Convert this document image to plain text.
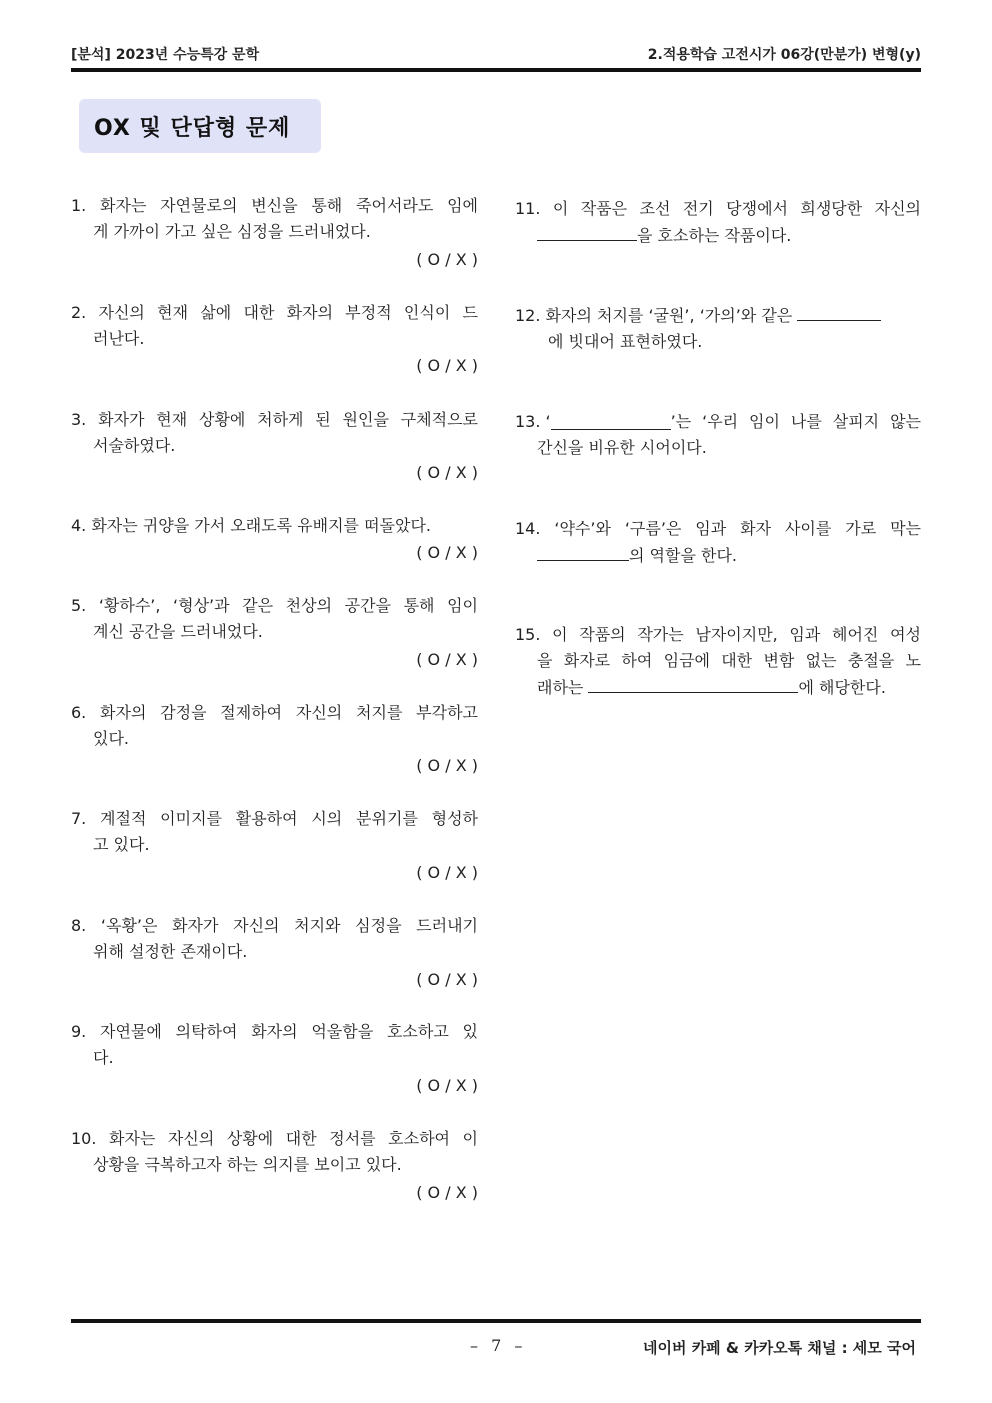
[분석] 2023년 수능특강 문학	2.적용학습 고전시가 06강(만분가) 변형(y)
OX 및 단답형 문제
1. 화자는 자연물로의 변신을 통해 죽어서라도 임에
게 가까이 가고 싶은 심정을 드러내었다.
( O / X )
2. 자신의 현재 삶에 대한 화자의 부정적 인식이 드
러난다.
( O / X )
3. 화자가 현재 상황에 처하게 된 원인을 구체적으로
서술하였다.
( O / X )
4. 화자는 귀양을 가서 오래도록 유배지를 떠돌았다.
( O / X )
5. ‘황하수’, ‘형상’과 같은 천상의 공간을 통해 임이
계신 공간을 드러내었다.
( O / X )
6. 화자의 감정을 절제하여 자신의 처지를 부각하고
있다.
( O / X )
7. 계절적 이미지를 활용하여 시의 분위기를 형성하
고 있다.
( O / X )
8. ‘옥황’은 화자가 자신의 처지와 심정을 드러내기
위해 설정한 존재이다.
( O / X )
9. 자연물에 의탁하여 화자의 억울함을 호소하고 있
다.
( O / X )
10. 화자는 자신의 상황에 대한 정서를 호소하여 이
상황을 극복하고자 하는 의지를 보이고 있다.
( O / X )
11. 이 작품은 조선 전기 당쟁에서 희생당한 자신의
을 호소하는 작품이다.
12. 화자의 처지를 ‘굴원’, ‘가의’와 같은
에 빗대어 표현하였다.
13. ‘	’는 ‘우리 임이 나를 살피지 않는
간신을 비유한 시어이다.
14. ‘약수’와 ‘구름’은 임과 화자 사이를 가로 막는
의 역할을 한다.
15. 이 작품의 작가는 남자이지만, 임과 헤어진 여성
을 화자로 하여 임금에 대한 변함 없는 충절을 노
래하는	에 해당한다.
– 7 –	네이버 카페 & 카카오톡 채널 : 세모 국어
